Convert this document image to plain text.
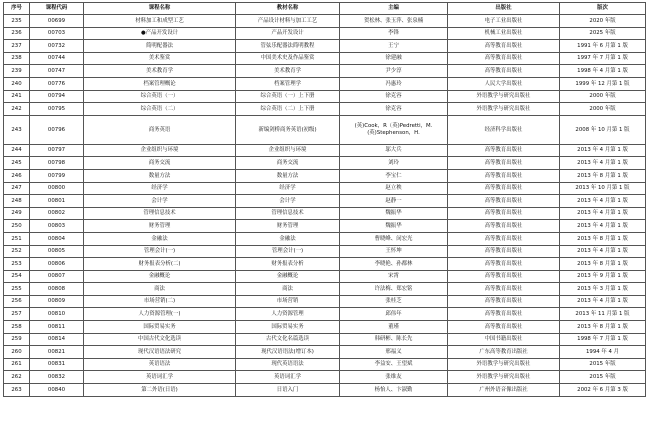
序号	课程代码	课程名称	教材名称	主编	出版社	版次
235	00699	材料加工和成型工艺	产品设计材料与加工工艺	贺松林、张玉萍、张泉楠	电子工业出版社	2020 年版
236	00703	●产品开发设计	产品开发设计	李锋	机械工业出版社	2025 年版
237	00732	简明配器法	管弦乐配器法简明教程	王宁	高等教育出版社	1991 年 6 月第 1 版
238	00744	美术鉴赏	中国美术史及作品鉴赏	徐建融	高等教育出版社	1997 年 7 月第 1 版
239	00747	美术教育学	美术教育学	尹少淳	高等教育出版社	1998 年 4 月第 1 版
240	00776	档案管理概论	档案管理学	冯惠玲	人民大学出版社	1999 年 12 月第 1 版
241	00794	综合英语（一）	综合英语（一）上下册	徐克容	外语教学与研究出版社	2000 年版
242	00795	综合英语（二）	综合英语（二）上下册	徐克容	外语教学与研究出版社	2000 年版
243	00796	商务英语	新编剑桥商务英语(初级)	(英)Cook，R（英)Pedretti，M.(英)Stephenson，H.	经济科学出版社	2008 年 10 月第 1 版
244	00797	企业组织与环境	企业组织与环境	邬大兵	高等教育出版社	2013 年 4 月第 1 版
245	00798	商务交流	商务交流	刘玲	高等教育出版社	2013 年 4 月第 1 版
246	00799	数量方法	数量方法	李宝仁	高等教育出版社	2013 年 8 月第 1 版
247	00800	经济学	经济学	赵立秧	高等教育出版社	2013 年 10 月第 1 版
248	00801	会计学	会计学	赵静一	高等教育出版社	2013 年 4 月第 1 版
249	00802	管理信息技术	管理信息技术	魏振华	高等教育出版社	2013 年 4 月第 1 版
250	00803	财务管理	财务管理	魏振华	高等教育出版社	2013 年 4 月第 1 版
251	00804	金融法	金融法	曹晓峰、闵宏光	高等教育出版社	2013 年 8 月第 1 版
252	00805	管理会计(一)	管理会计(一)	王怀坤	高等教育出版社	2013 年 4 月第 1 版
253	00806	财务报表分析(二)	财务报表分析	李晓艳、孙都林	高等教育出版社	2013 年 8 月第 1 版
254	00807	金融概论	金融概论	宋霄	高等教育出版社	2013 年 9 月第 1 版
255	00808	商法	商法	许法梅、郑宏铭	高等教育出版社	2013 年 3 月第 1 版
256	00809	市场营销(二)	市场营销	张桂芝	高等教育出版社	2013 年 4 月第 1 版
257	00810	人力资源管理(一)	人力资源管理	邱伟年	高等教育出版社	2013 年 11 月第 1 版
258	00811	国际贸易实务	国际贸易实务	董瑾	高等教育出版社	2013 年 8 月第 1 版
259	00814	中国古代文化选读	古代文化名篇选读	韩研彬、陈长先	中国书籍出版社	1998 年 7 月第 1 版
260	00821	现代汉语语法研究	现代汉语语法(增订本)	邢福义	广东高等教育出版社	1994 年 4 月
261	00831	英语语法	现代英语语法	李益安、王望斌	外语教学与研究出版社	2015 年版
262	00832	英语词汇学	英语词汇学	张维友	外语教学与研究出版社	2015 年版
263	00840	第二外语(日语)	日语入门	杨怡人、卞淑勤	广州外语音像出版社	2002 年 6 月第 3 版
